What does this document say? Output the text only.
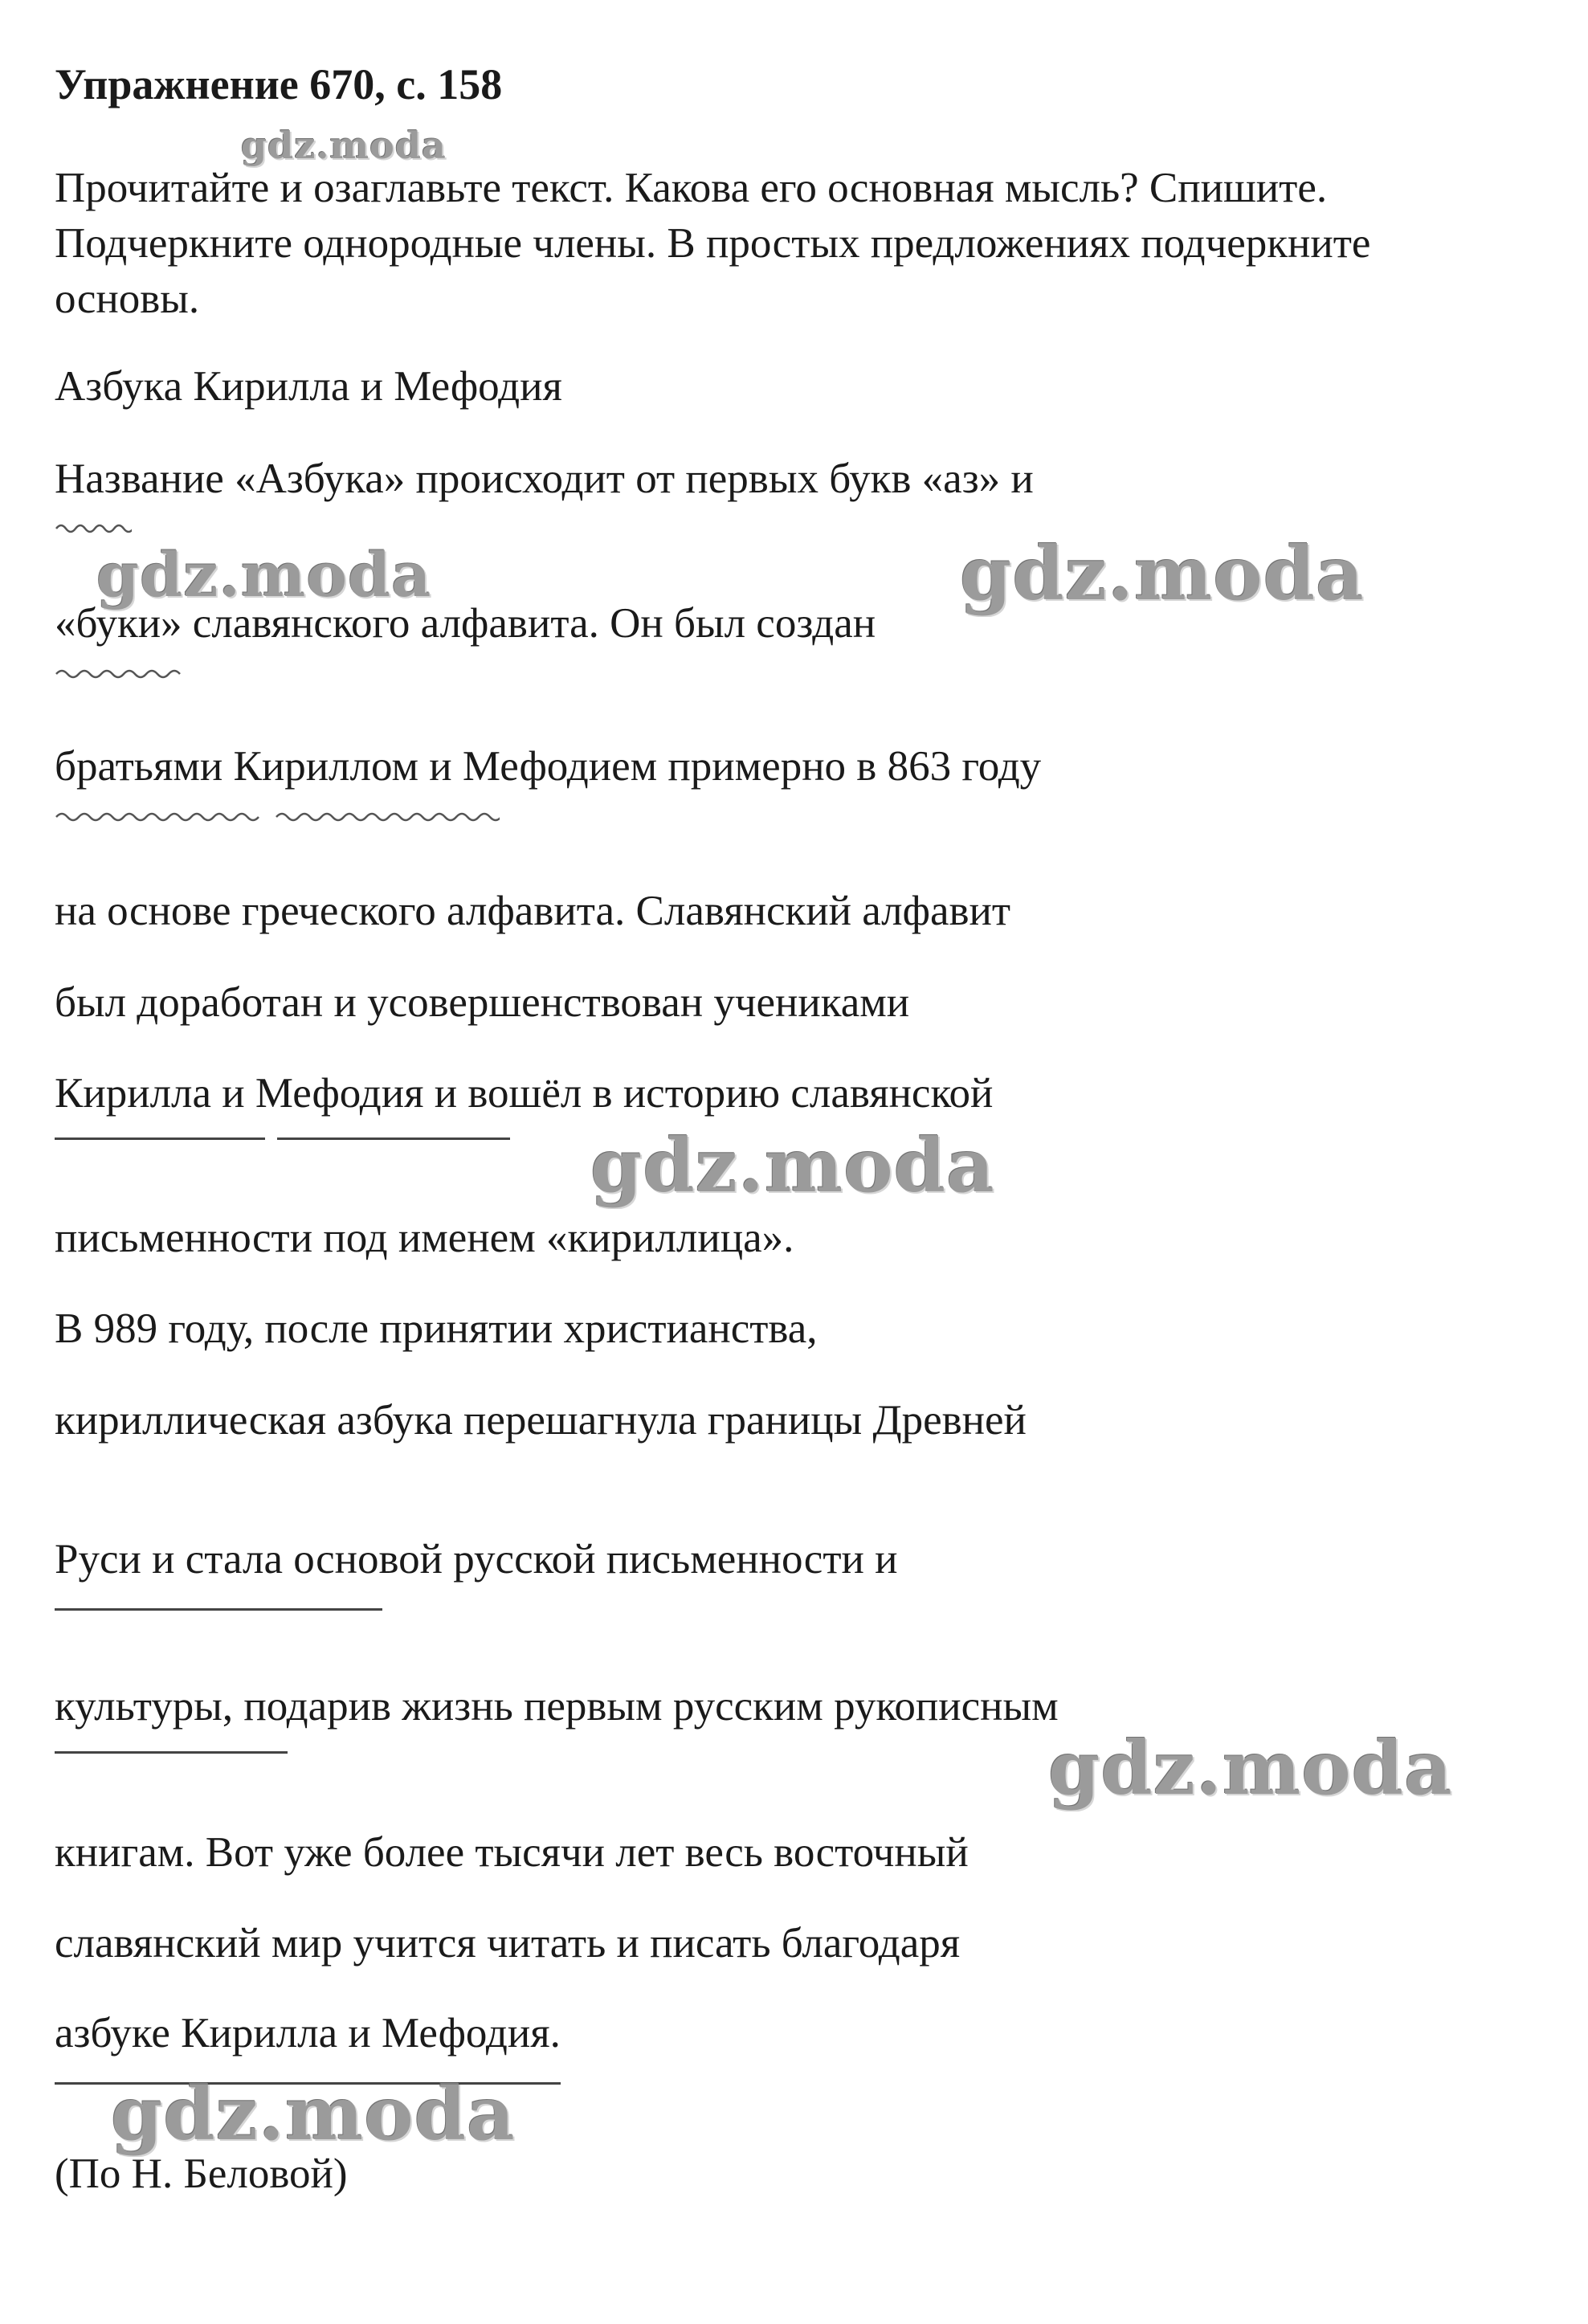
Упражнение 670, с. 158

Прочитайте и озаглавьте текст. Какова его основная мысль? Спишите.

Подчеркните однородные члены. В простых предложениях подчеркните

основы.

Азбука Кирилла и Мефодия
Название «Азбука» происходит от первых букв «аз» и
«буки» славянского алфавита. Он был создан
братьями Кириллом и Мефодием примерно в 863 году
на основе греческого алфавита. Славянский алфавит
был доработан и усовершенствован учениками
Кирилла и Мефодия и вошёл в историю славянской
письменности под именем «кириллица».
В 989 году, после принятии христианства,
кириллическая азбука перешагнула границы Древней
Руси и стала основой русской письменности и
культуры, подарив жизнь первым русским рукописным
книгам. Вот уже более тысячи лет весь восточный
славянский мир учится читать и писать благодаря
азбуке Кирилла и Мефодия.
(По Н. Беловой)
gdz.moda
gdz.moda	gdz.moda
gdz.moda
gdz.moda
gdz.moda
